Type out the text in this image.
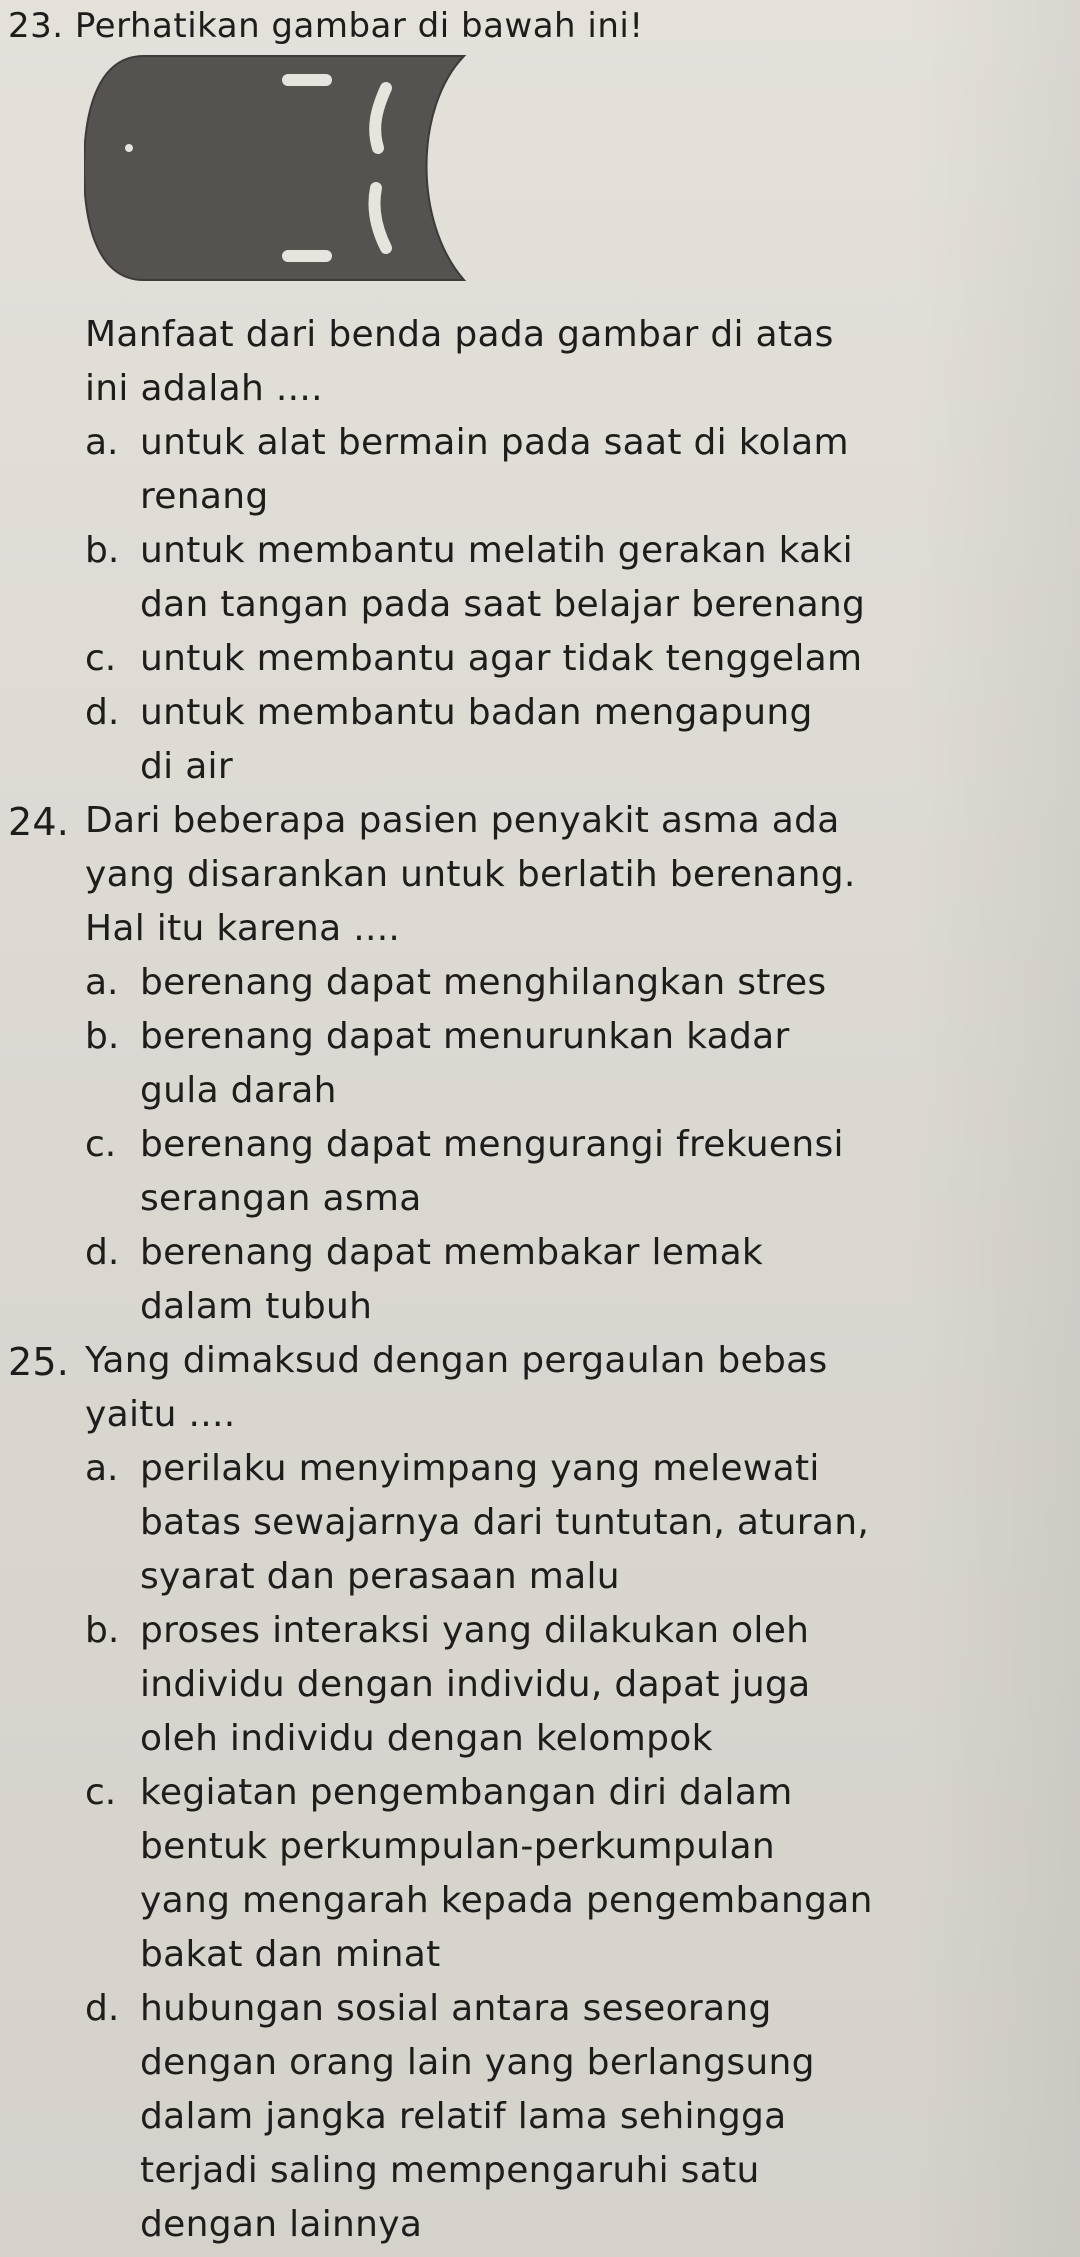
23. Perhatikan gambar di bawah ini!
Manfaat dari benda pada gambar di atas
ini adalah ....
a. untuk alat bermain pada saat di kolam
renang
b. untuk membantu melatih gerakan kaki
dan tangan pada saat belajar berenang
c. untuk membantu agar tidak tenggelam
d. untuk membantu badan mengapung
di air
24. Dari beberapa pasien penyakit asma ada
yang disarankan untuk berlatih berenang.
Hal itu karena ....
a. berenang dapat menghilangkan stres
b. berenang dapat menurunkan kadar
gula darah
c. berenang dapat mengurangi frekuensi
serangan asma
d. berenang dapat membakar lemak
dalam tubuh
25. Yang dimaksud dengan pergaulan bebas
yaitu ....
a. perilaku menyimpang yang melewati
batas sewajarnya dari tuntutan, aturan,
syarat dan perasaan malu
b. proses interaksi yang dilakukan oleh
individu dengan individu, dapat juga
oleh individu dengan kelompok
c. kegiatan pengembangan diri dalam
bentuk perkumpulan-perkumpulan
yang mengarah kepada pengembangan
bakat dan minat
d. hubungan sosial antara seseorang
dengan orang lain yang berlangsung
dalam jangka relatif lama sehingga
terjadi saling mempengaruhi satu
dengan lainnya
